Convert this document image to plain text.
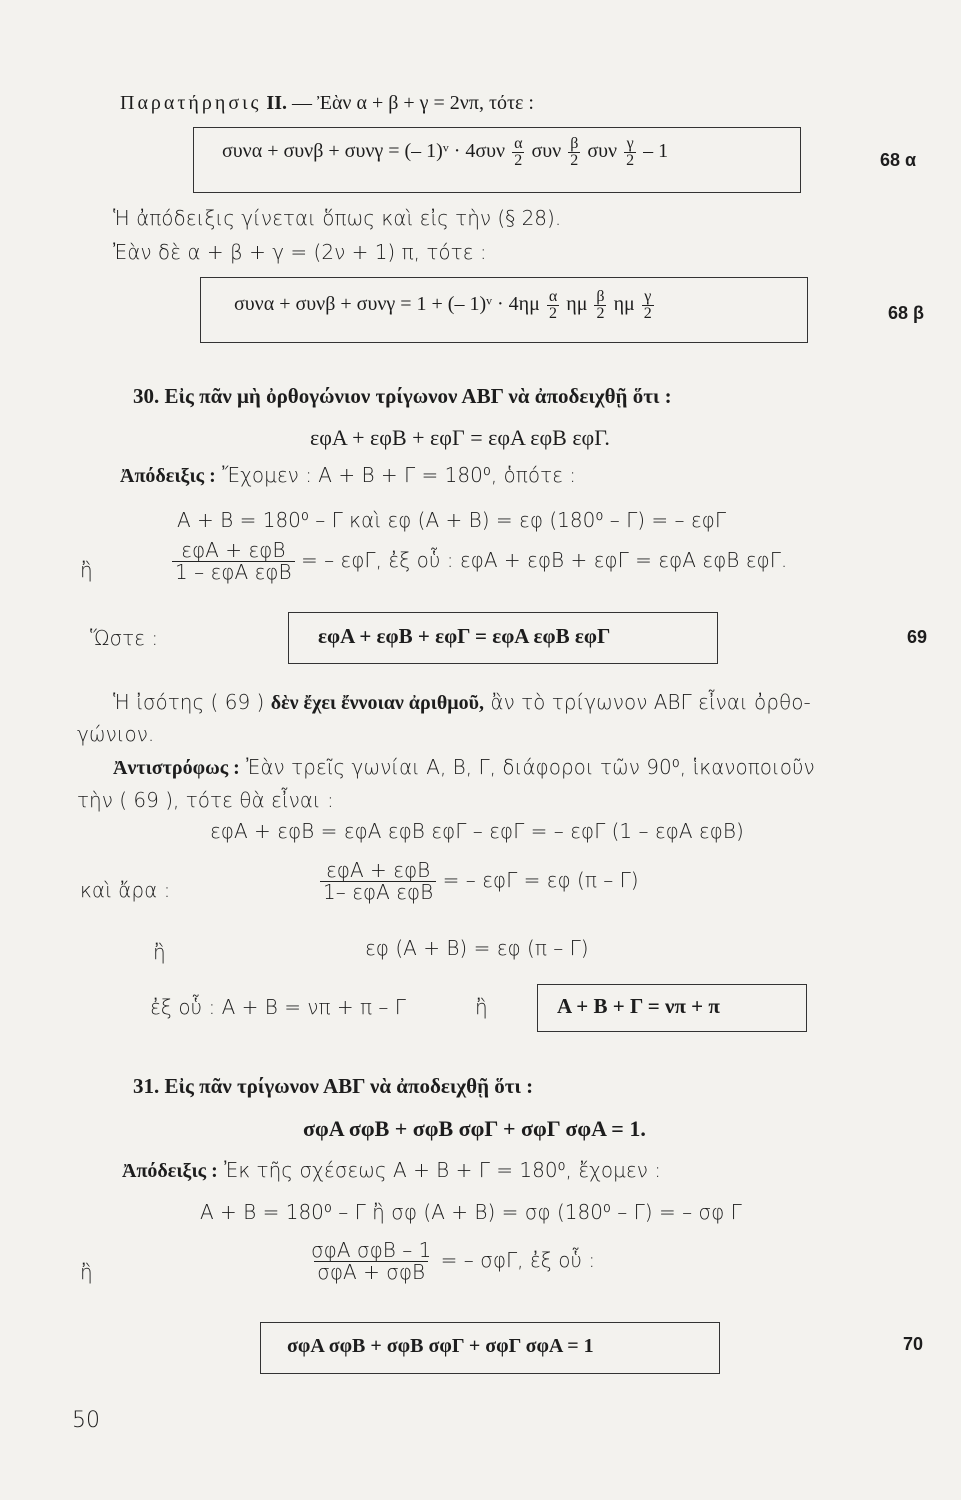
Παρατήρησις II. — Ἐὰν α + β + γ = 2νπ, τότε :
συνα + συνβ + συνγ = (– 1)ᵛ · $4\sigma\upsilon\nu \frac{\alpha}{2}$ συν $\frac{\beta}{2}$ συν $\frac{\gamma}{2} - 1$	68 α
Ἡ ἀπόδειξις γίνεται ὅπως καὶ εἰς τὴν (§ 28).
Ἐὰν δὲ α + β + γ = (2ν + 1) π, τότε :
συνα + συνβ + συνγ = 1 + (– 1)ᵛ · $4\eta\mu \frac{\alpha}{2}$ ημ $\frac{\beta}{2}$ ημ $\frac{\gamma}{2}$	68 β
30. Εἰς πᾶν μὴ ὀρθογώνιον τρίγωνον ΑΒΓ νὰ ἀποδειχθῇ ὅτι :
εφΑ + εφΒ + εφΓ = εφΑ εφΒ εφΓ.
Ἀπόδειξις : Ἔχομεν : Α + Β + Γ = 180⁰, ὁπότε :
Α + Β = 180⁰ – Γ καὶ εφ (Α + Β) = εφ (180⁰ – Γ) = – εφΓ
ἢ	$\frac{\text{εφΑ + εφΒ}}{\text{1 – εφΑ εφΒ}}$ = – εφΓ, ἐξ οὗ : εφΑ + εφΒ + εφΓ = εφΑ εφΒ εφΓ.
Ὥστε :	εφΑ + εφΒ + εφΓ = εφΑ εφΒ εφΓ	69
Ἡ ἰσότης ( 69 ) δὲν ἔχει ἔννοιαν ἀριθμοῦ, ἂν τὸ τρίγωνον ΑΒΓ εἶναι ὀρθο-
γώνιον.
Ἀντιστρόφως : Ἐὰν τρεῖς γωνίαι Α, Β, Γ, διάφοροι τῶν 90⁰, ἱκανοποιοῦν
τὴν ( 69 ), τότε θὰ εἶναι :
εφΑ + εφΒ = εφΑ εφΒ εφΓ – εφΓ = – εφΓ (1 – εφΑ εφΒ)
καὶ ἄρα :	$\frac{\text{εφΑ + εφΒ}}{\text{1– εφΑ εφΒ}}$ = – εφΓ = εφ (π – Γ)
ἢ	εφ (Α + Β) = εφ (π – Γ)
ἐξ οὗ : Α + Β = νπ + π – Γ	ἢ	Α + Β + Γ = νπ + π
31. Εἰς πᾶν τρίγωνον ΑΒΓ νὰ ἀποδειχθῇ ὅτι :
σφΑ σφΒ + σφΒ σφΓ + σφΓ σφΑ = 1.
Ἀπόδειξις : Ἐκ τῆς σχέσεως Α + Β + Γ = 180⁰, ἔχομεν :
Α + Β = 180⁰ – Γ ἢ σφ (Α + Β) = σφ (180⁰ – Γ) = – σφ Γ
ἢ	$\frac{\text{σφΑ σφΒ – 1}}{\text{σφΑ + σφΒ}}$ = – σφΓ, ἐξ οὗ :
σφΑ σφΒ + σφΒ σφΓ + σφΓ σφΑ = 1	70
50
